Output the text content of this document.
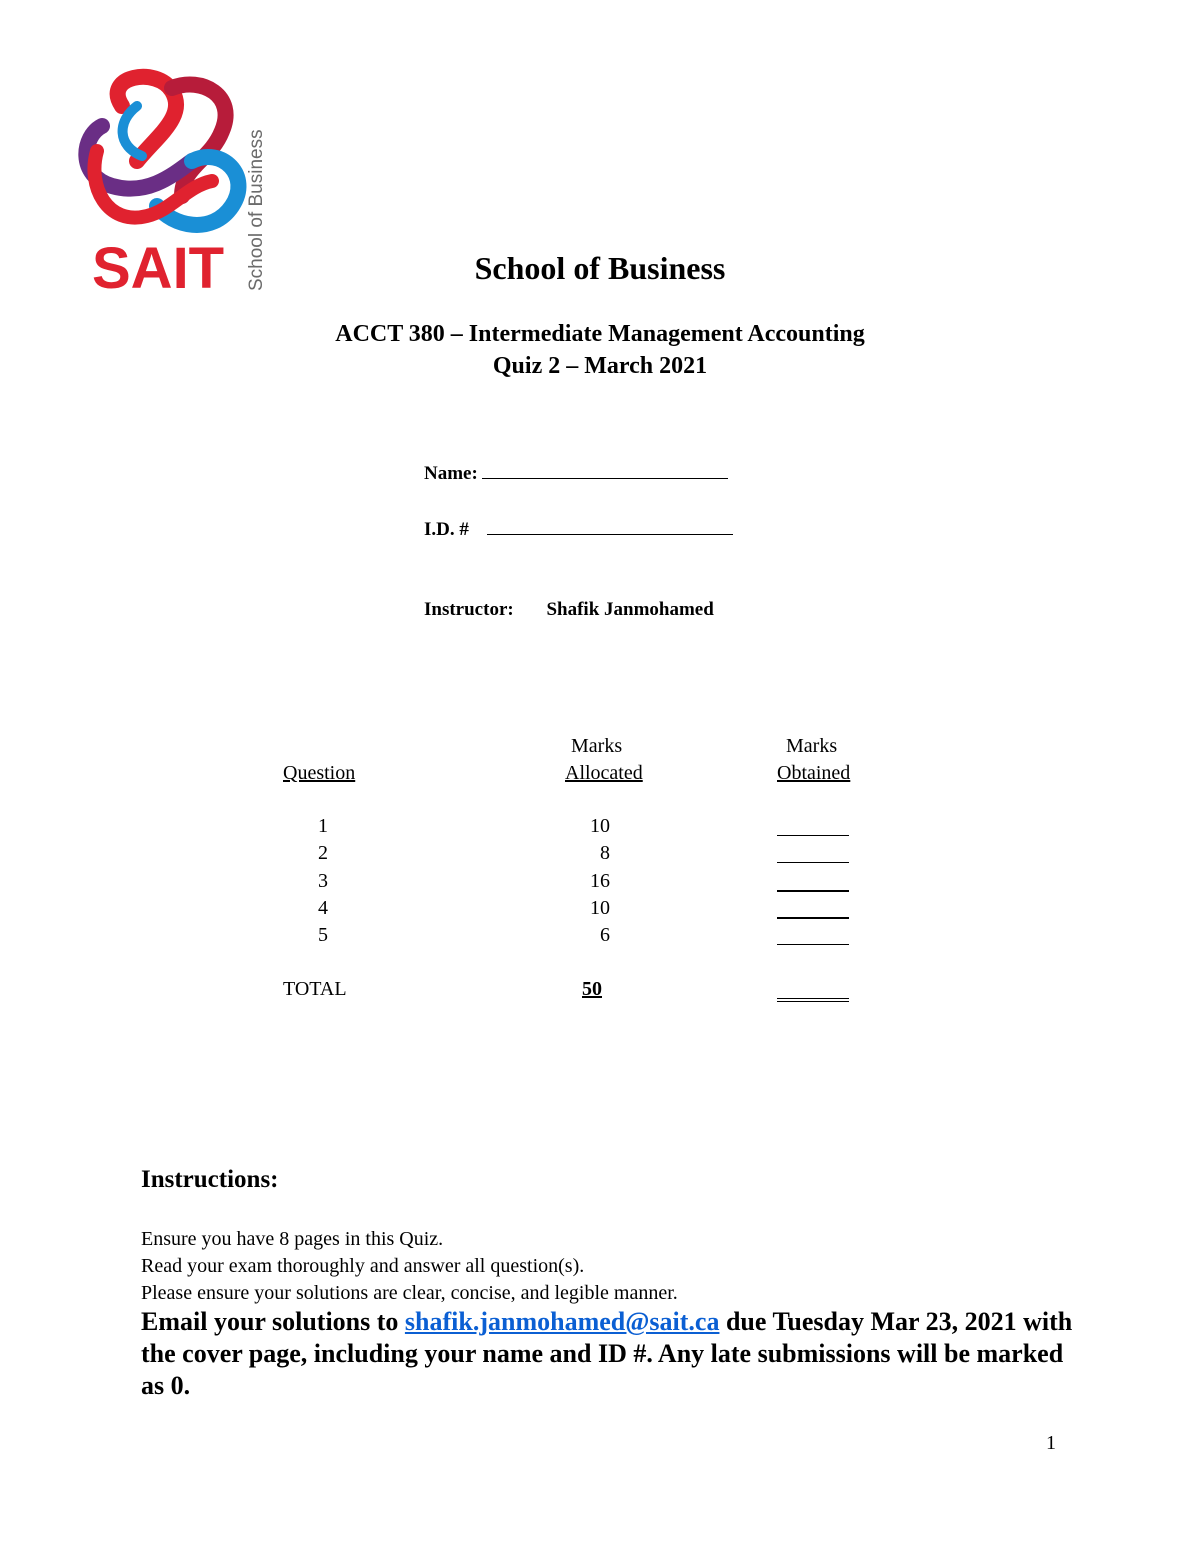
SAIT School of Business	School of Business
ACCT 380 – Intermediate Management Accounting
Quiz 2 – March 2021
Name:
I.D. #
Instructor: Shafik Janmohamed
Marks	Marks
Question	Allocated	Obtained
1	10
2	8
3	16
4	10
5	6
TOTAL	50
Instructions:
Ensure you have 8 pages in this Quiz.
Read your exam thoroughly and answer all question(s).
Please ensure your solutions are clear, concise, and legible manner.
Email your solutions to shafik.janmohamed@sait.ca due Tuesday Mar 23, 2021 with the cover page, including your name and ID #. Any late submissions will be marked as 0.
1
